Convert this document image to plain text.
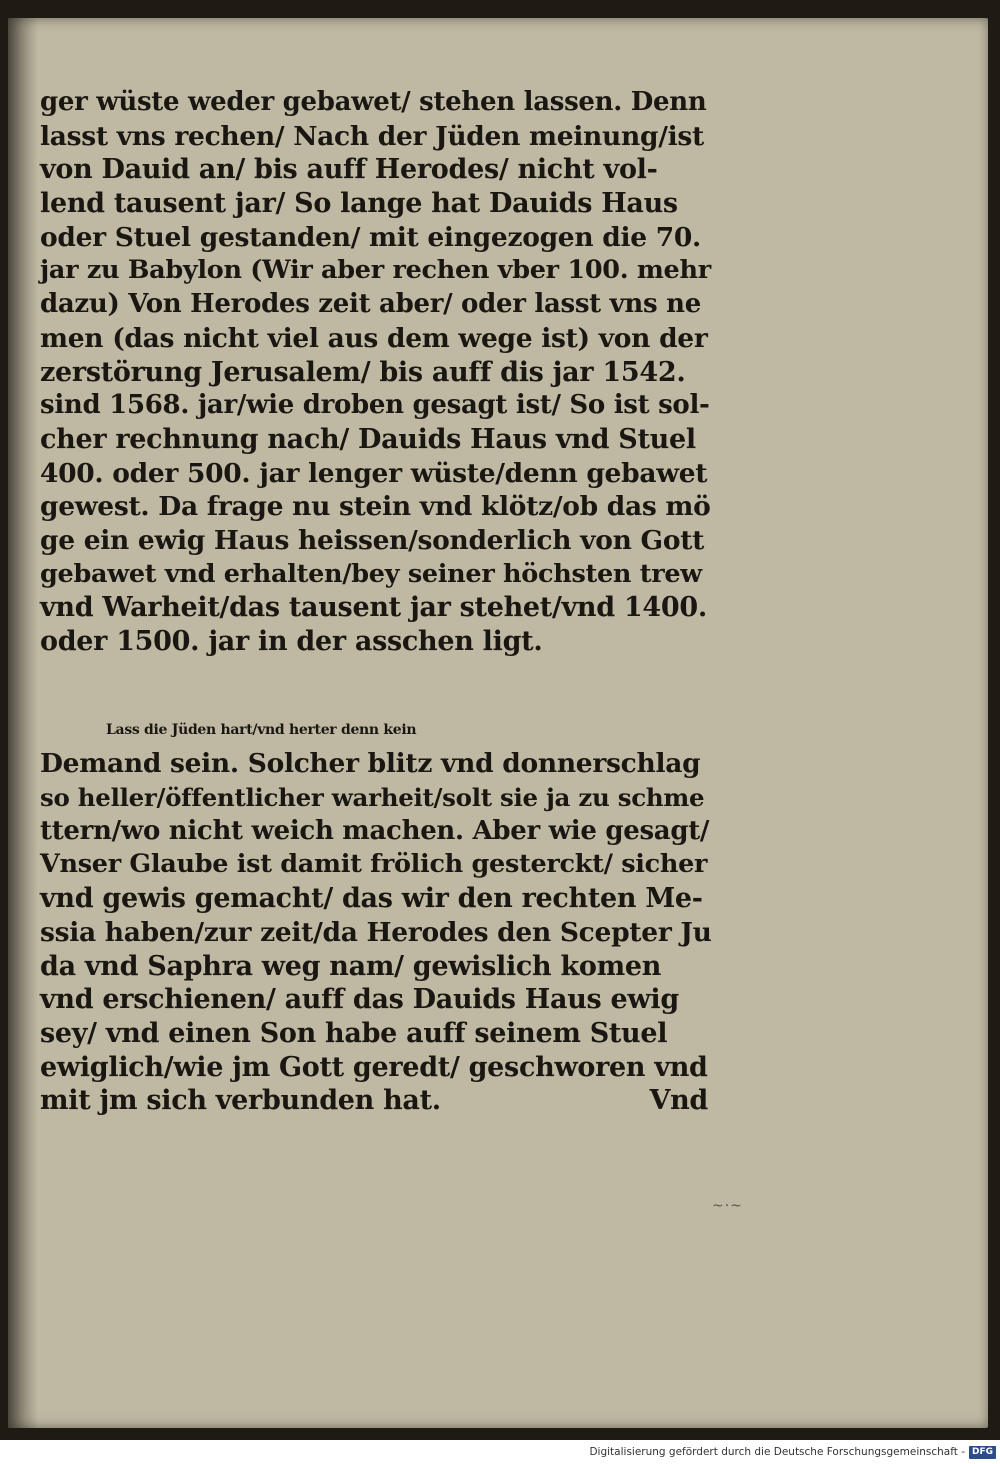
ger wüste weder gebawet/ stehen lassen. Denn
lasst vns rechen/ Nach der Jüden meinung/ist
von Dauid an/ bis auff Herodes/ nicht vol-
lend tausent jar/ So lange hat Dauids Haus
oder Stuel gestanden/ mit eingezogen die 70.
jar zu Babylon (Wir aber rechen vber 100. mehr
dazu) Von Herodes zeit aber/ oder lasst vns ne
men (das nicht viel aus dem wege ist) von der
zerstörung Jerusalem/ bis auff dis jar 1542.
sind 1568. jar/wie droben gesagt ist/ So ist sol-
cher rechnung nach/ Dauids Haus vnd Stuel
400. oder 500. jar lenger wüste/denn gebawet
gewest. Da frage nu stein vnd klötz/ob das mö
ge ein ewig Haus heissen/sonderlich von Gott
gebawet vnd erhalten/bey seiner höchsten trew
vnd Warheit/das tausent jar stehet/vnd 1400.
oder 1500. jar in der asschen ligt.
Lass die Jüden hart/vnd herter denn kein
Demand sein. Solcher blitz vnd donnerschlag
so heller/öffentlicher warheit/solt sie ja zu schme
ttern/wo nicht weich machen. Aber wie gesagt/
Vnser Glaube ist damit frölich gesterckt/ sicher
vnd gewis gemacht/ das wir den rechten Me-
ssia haben/zur zeit/da Herodes den Scepter Ju
da vnd Saphra weg nam/ gewislich komen
vnd erschienen/ auff das Dauids Haus ewig
sey/ vnd einen Son habe auff seinem Stuel
ewiglich/wie jm Gott geredt/ geschworen vnd
mit jm sich verbunden hat.	Vnd
~·~
Digitalisierung gefördert durch die Deutsche Forschungsgemeinschaft - DFG
